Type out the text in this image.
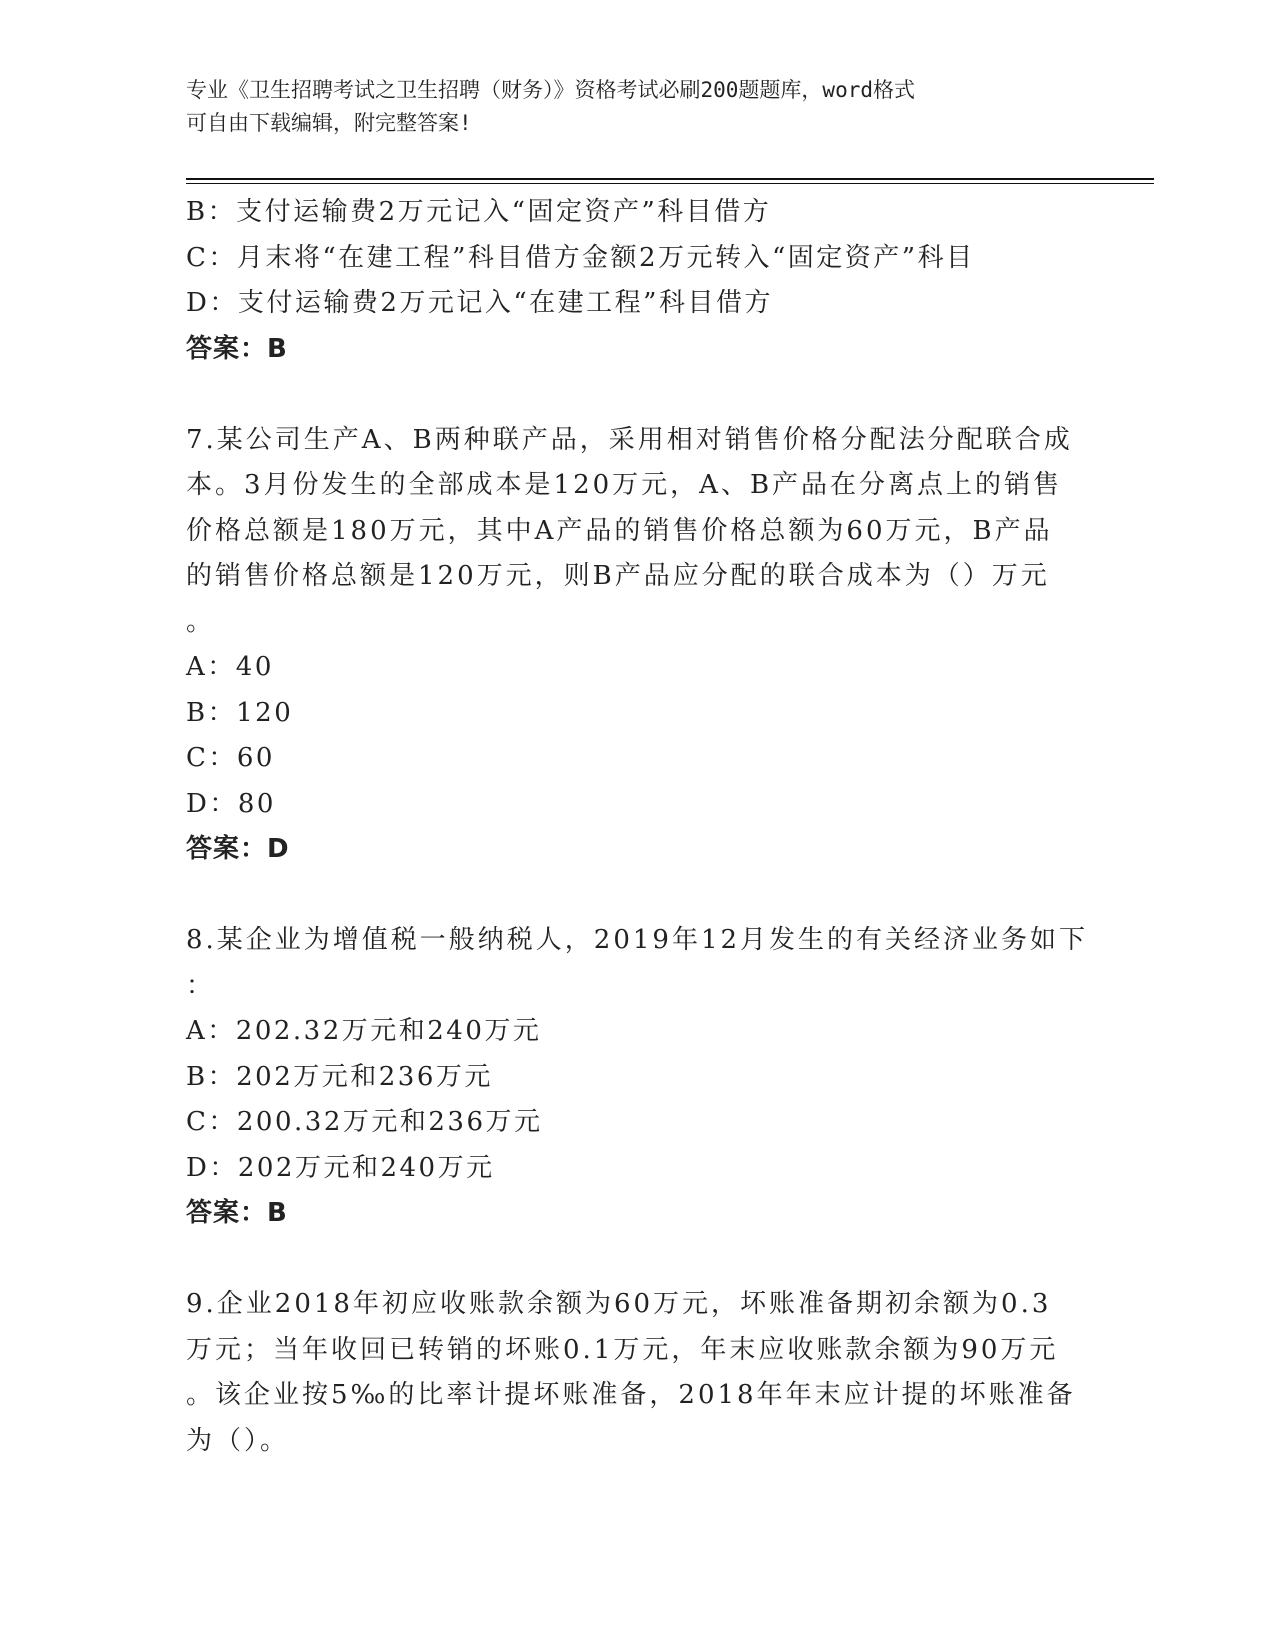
专业《卫生招聘考试之卫生招聘（财务）》资格考试必刷200题题库，word格式
可自由下载编辑，附完整答案!
B：支付运输费2万元记入“固定资产”科目借方
C：月末将“在建工程”科目借方金额2万元转入“固定资产”科目
D：支付运输费2万元记入“在建工程”科目借方
答案：B
7.某公司生产A、B两种联产品，采用相对销售价格分配法分配联合成
本。3月份发生的全部成本是120万元，A、B产品在分离点上的销售
价格总额是180万元，其中A产品的销售价格总额为60万元，B产品
的销售价格总额是120万元，则B产品应分配的联合成本为（）万元
。
A：40
B：120
C：60
D：80
答案：D
8.某企业为增值税一般纳税人，2019年12月发生的有关经济业务如下
：
A：202.32万元和240万元
B：202万元和236万元
C：200.32万元和236万元
D：202万元和240万元
答案：B
9.企业2018年初应收账款余额为60万元，坏账准备期初余额为0.3
万元；当年收回已转销的坏账0.1万元，年末应收账款余额为90万元
。该企业按5‰的比率计提坏账准备，2018年年末应计提的坏账准备
为（）。
